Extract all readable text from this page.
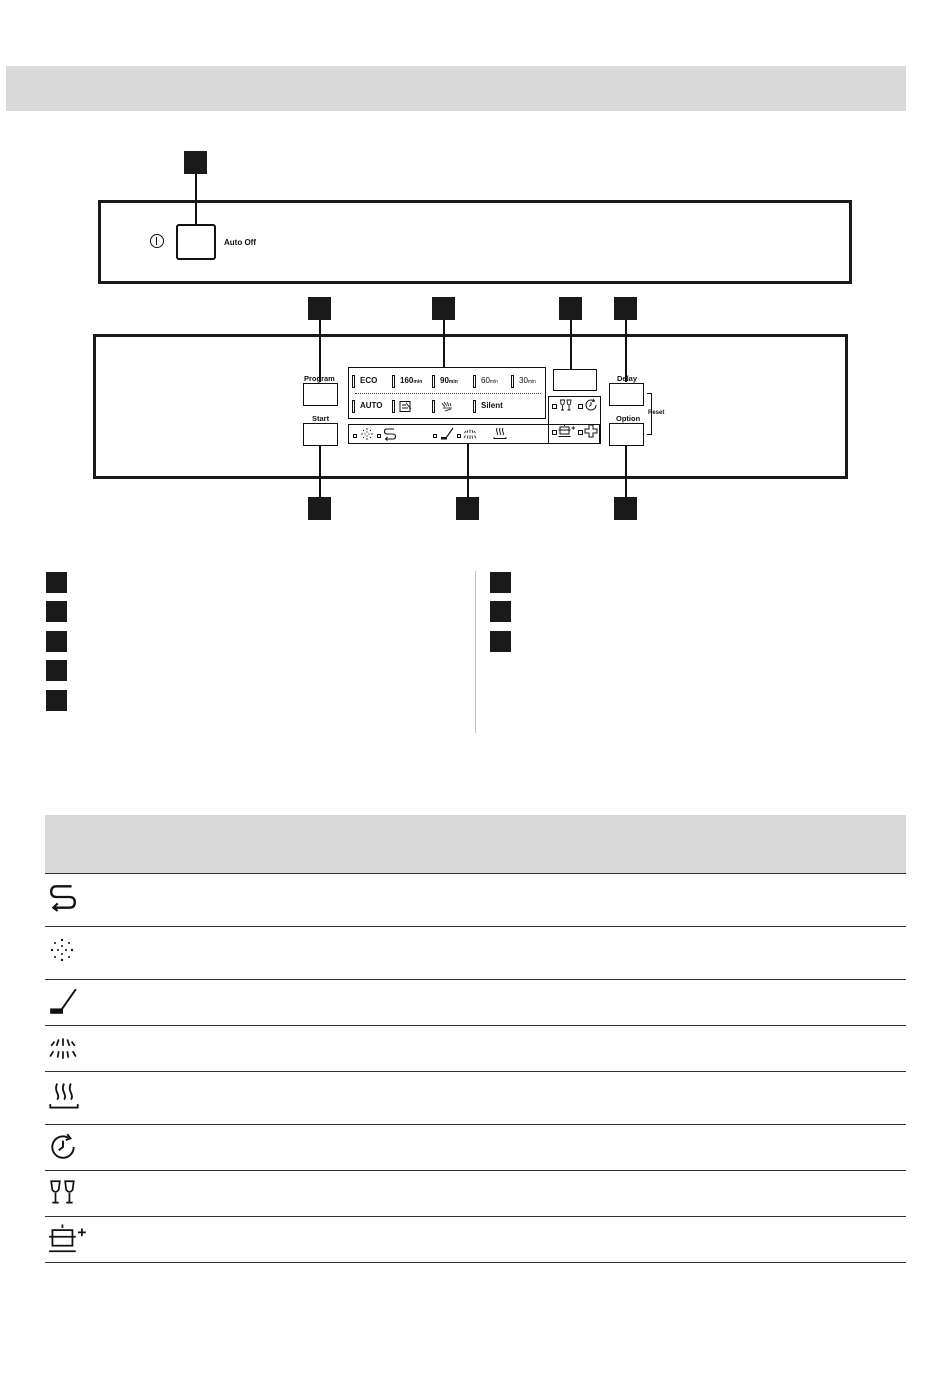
Auto Off
Program
Start
ECO	160min 90min	60min	30min
AUTO	Silent
Delay
Option
Reset
